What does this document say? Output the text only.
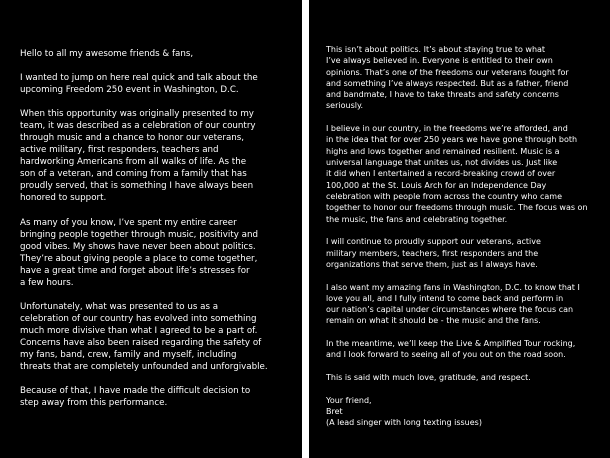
Hello to all my awesome friends & fans,

I wanted to jump on here real quick and talk about the
upcoming Freedom 250 event in Washington, D.C.

When this opportunity was originally presented to my
team, it was described as a celebration of our country
through music and a chance to honor our veterans,
active military, first responders, teachers and
hardworking Americans from all walks of life. As the
son of a veteran, and coming from a family that has
proudly served, that is something I have always been
honored to support.

As many of you know, I’ve spent my entire career
bringing people together through music, positivity and
good vibes. My shows have never been about politics.
They’re about giving people a place to come together,
have a great time and forget about life’s stresses for
a few hours.

Unfortunately, what was presented to us as a
celebration of our country has evolved into something
much more divisive than what I agreed to be a part of.
Concerns have also been raised regarding the safety of
my fans, band, crew, family and myself, including
threats that are completely unfounded and unforgivable.

Because of that, I have made the difficult decision to
step away from this performance.

This isn’t about politics. It’s about staying true to what
I’ve always believed in. Everyone is entitled to their own
opinions. That’s one of the freedoms our veterans fought for
and something I’ve always respected. But as a father, friend
and bandmate, I have to take threats and safety concerns
seriously.

I believe in our country, in the freedoms we’re afforded, and
in the idea that for over 250 years we have gone through both
highs and lows together and remained resilient. Music is a
universal language that unites us, not divides us. Just like
it did when I entertained a record-breaking crowd of over
100,000 at the St. Louis Arch for an Independence Day
celebration with people from across the country who came
together to honor our freedoms through music. The focus was on
the music, the fans and celebrating together.

I will continue to proudly support our veterans, active
military members, teachers, first responders and the
organizations that serve them, just as I always have.

I also want my amazing fans in Washington, D.C. to know that I
love you all, and I fully intend to come back and perform in
our nation’s capital under circumstances where the focus can
remain on what it should be - the music and the fans.

In the meantime, we’ll keep the Live & Amplified Tour rocking,
and I look forward to seeing all of you out on the road soon.

This is said with much love, gratitude, and respect.

Your friend,
Bret
(A lead singer with long texting issues)
